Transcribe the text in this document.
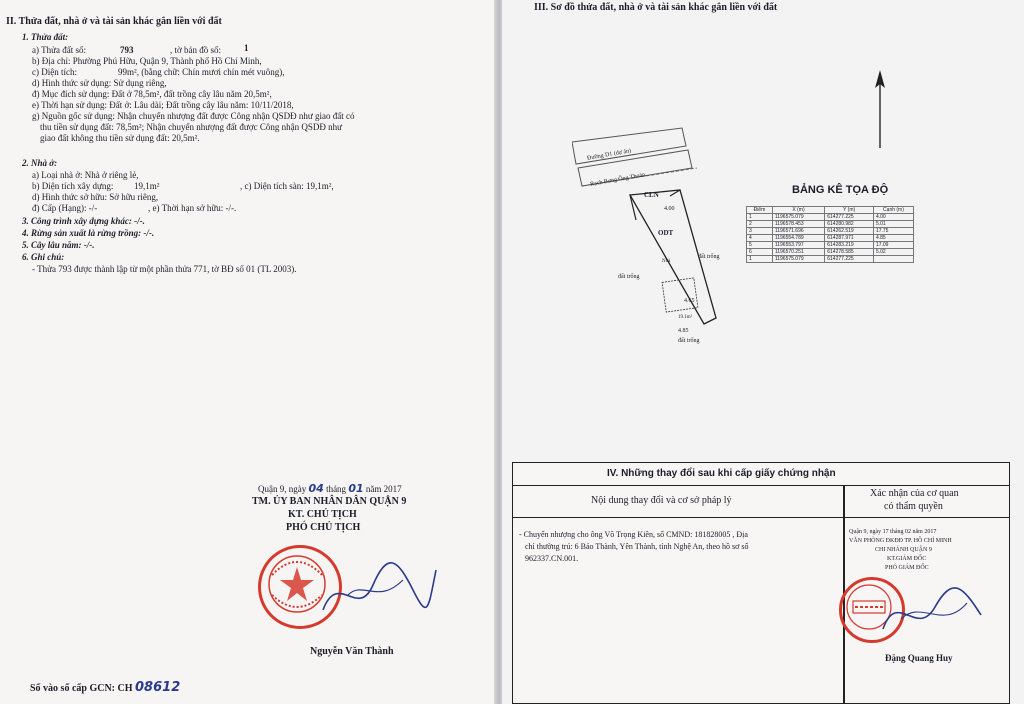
II. Thửa đất, nhà ở và tài sản khác gắn liền với đất
1. Thửa đất:
a) Thửa đất số:	793	, tờ bản đồ số:	1
b) Địa chỉ: Phường Phú Hữu, Quận 9, Thành phố Hồ Chí Minh,
c) Diện tích:	99m², (bằng chữ: Chín mươi chín mét vuông),
d) Hình thức sử dụng: Sử dụng riêng,
đ) Mục đích sử dụng: Đất ở 78,5m², đất trồng cây lâu năm 20,5m²,
e) Thời hạn sử dụng: Đất ở: Lâu dài; Đất trồng cây lâu năm: 10/11/2018,
g) Nguồn gốc sử dụng: Nhận chuyển nhượng đất được Công nhận QSDĐ như giao đất có
thu tiền sử dụng đất: 78,5m²; Nhận chuyển nhượng đất được Công nhận QSDĐ như
giao đất không thu tiền sử dụng đất: 20,5m².
2. Nhà ở:
a) Loại nhà ở: Nhà ở riêng lẻ,
b) Diện tích xây dựng: 19,1m²	, c) Diện tích sàn: 19,1m²,
d) Hình thức sở hữu: Sở hữu riêng,
đ) Cấp (Hạng): -/-	, e) Thời hạn sở hữu: -/-.
3. Công trình xây dựng khác: -/-.
4. Rừng sản xuất là rừng trồng: -/-.
5. Cây lâu năm: -/-.
6. Ghi chú:
- Thửa 793 được thành lập từ một phần thửa 771, tờ BĐ số 01 (TL 2003).
Quận 9, ngày 04 tháng 01 năm 2017
TM. ỦY BAN NHÂN DÂN QUẬN 9
KT. CHỦ TỊCH
PHÓ CHỦ TỊCH
Nguyễn Văn Thành
Số vào sổ cấp GCN: CH 08612
III. Sơ đồ thửa đất, nhà ở và tài sản khác gắn liền với đất
Đường D1 (dự án)
Rạch Bưng Ông Thoàn
CLN
4.00
ODT
đất trống
đất trống
4.65
Nhà
19.1m²
4.85
đất trống
BẢNG KÊ TỌA ĐỘ
Điểm	X (m)	Y (m)	Cạnh (m)
1	1196575.079	614277.225	4.00
2	1196578.453	614280.982	5.01
3	1196571.696	614262.519	17.75
4	1196554.789	614287.971	4.85
5	1196553.797	614283.219	17.09
6	1196570.251	614278.585	5.02
1	1196575.079	614277.225	
IV. Những thay đổi sau khi cấp giấy chứng nhận
Nội dung thay đổi và cơ sở pháp lý
Xác nhận của cơ quan
có thẩm quyền
- Chuyển nhượng cho ông Võ Trọng Kiên, số CMND: 181828005 , Địa
chỉ thường trú: 6 Bảo Thành, Yên Thành, tỉnh Nghệ An, theo hồ sơ số
962337.CN.001.
Quận 9, ngày 17 tháng 02 năm 2017
VĂN PHÒNG ĐKĐĐ TP. HỒ CHÍ MINH
CHI NHÁNH QUẬN 9
KT.GIÁM ĐỐC
PHÓ GIÁM ĐỐC
Đặng Quang Huy
